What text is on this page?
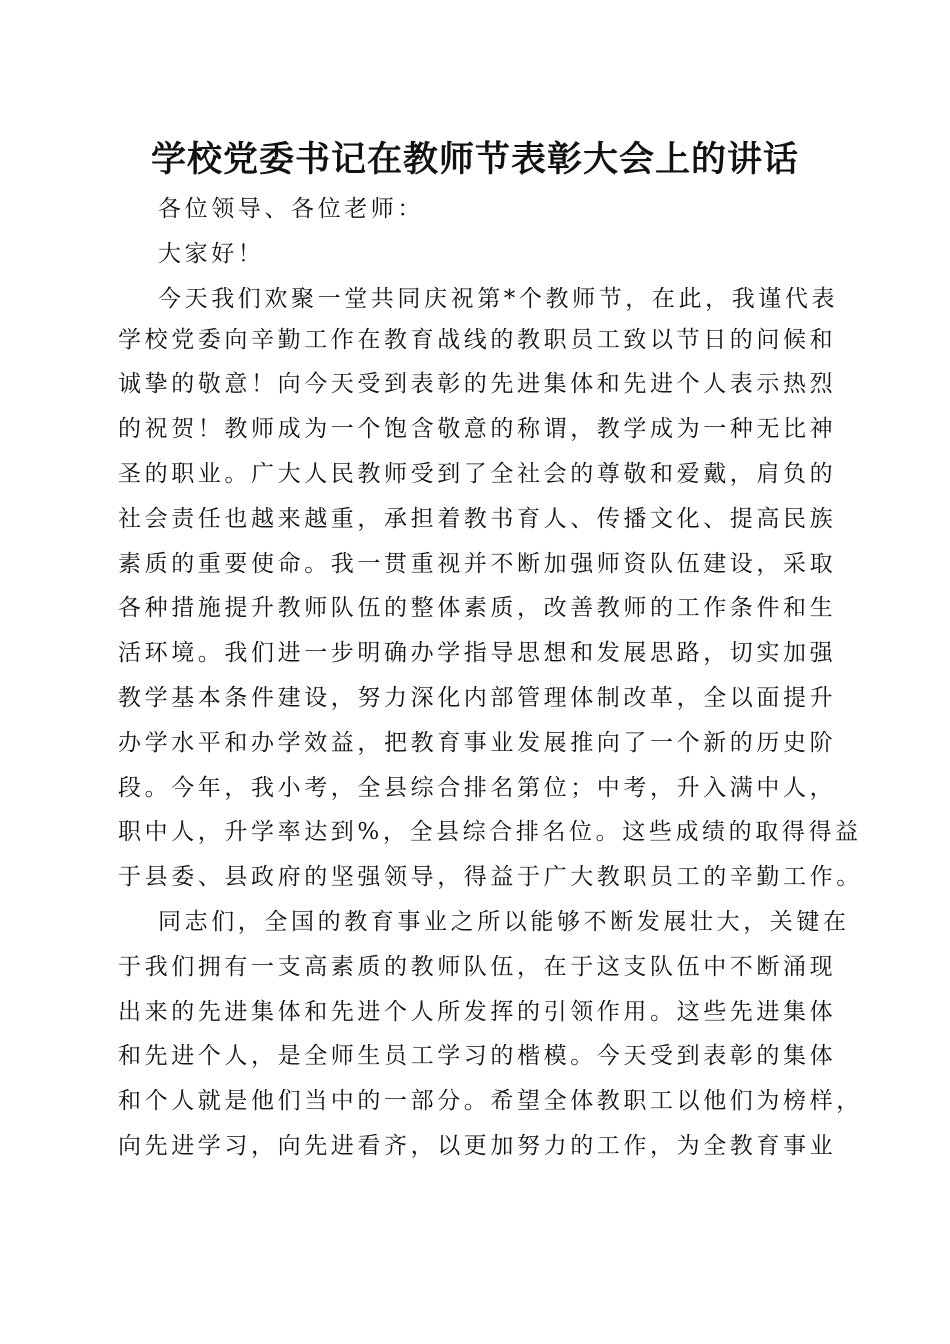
学校党委书记在教师节表彰大会上的讲话

各位领导、各位老师：

大家好！

今天我们欢聚一堂共同庆祝第*个教师节，在此，我谨代表

学校党委向辛勤工作在教育战线的教职员工致以节日的问候和

诚挚的敬意！向今天受到表彰的先进集体和先进个人表示热烈

的祝贺！教师成为一个饱含敬意的称谓，教学成为一种无比神

圣的职业。广大人民教师受到了全社会的尊敬和爱戴，肩负的

社会责任也越来越重，承担着教书育人、传播文化、提高民族

素质的重要使命。我一贯重视并不断加强师资队伍建设，采取

各种措施提升教师队伍的整体素质，改善教师的工作条件和生

活环境。我们进一步明确办学指导思想和发展思路，切实加强

教学基本条件建设，努力深化内部管理体制改革，全以面提升

办学水平和办学效益，把教育事业发展推向了一个新的历史阶

段。今年，我小考，全县综合排名第位；中考，升入满中人，

职中人，升学率达到%，全县综合排名位。这些成绩的取得得益

于县委、县政府的坚强领导，得益于广大教职员工的辛勤工作。

同志们，全国的教育事业之所以能够不断发展壮大，关键在

于我们拥有一支高素质的教师队伍，在于这支队伍中不断涌现

出来的先进集体和先进个人所发挥的引领作用。这些先进集体

和先进个人，是全师生员工学习的楷模。今天受到表彰的集体

和个人就是他们当中的一部分。希望全体教职工以他们为榜样，

向先进学习，向先进看齐，以更加努力的工作，为全教育事业
